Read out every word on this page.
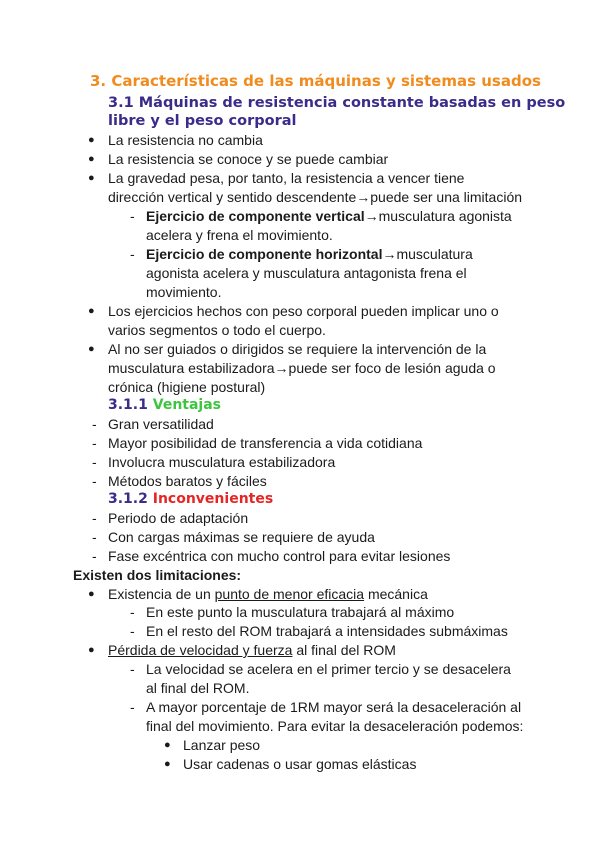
3. Características de las máquinas y sistemas usados
3.1 Máquinas de resistencia constante basadas en peso
libre y el peso corporal
● La resistencia no cambia
● La resistencia se conoce y se puede cambiar
● La gravedad pesa, por tanto, la resistencia a vencer tiene
dirección vertical y sentido descendente→puede ser una limitación
- Ejercicio de componente vertical→musculatura agonista
acelera y frena el movimiento.
- Ejercicio de componente horizontal→musculatura
agonista acelera y musculatura antagonista frena el
movimiento.
● Los ejercicios hechos con peso corporal pueden implicar uno o
varios segmentos o todo el cuerpo.
● Al no ser guiados o dirigidos se requiere la intervención de la
musculatura estabilizadora→puede ser foco de lesión aguda o
crónica (higiene postural)
3.1.1 Ventajas
- Gran versatilidad
- Mayor posibilidad de transferencia a vida cotidiana
- Involucra musculatura estabilizadora
- Métodos baratos y fáciles
3.1.2 Inconvenientes
- Periodo de adaptación
- Con cargas máximas se requiere de ayuda
- Fase excéntrica con mucho control para evitar lesiones
Existen dos limitaciones:
● Existencia de un punto de menor eficacia mecánica
- En este punto la musculatura trabajará al máximo
- En el resto del ROM trabajará a intensidades submáximas
● Pérdida de velocidad y fuerza al final del ROM
- La velocidad se acelera en el primer tercio y se desacelera
al final del ROM.
- A mayor porcentaje de 1RM mayor será la desaceleración al
final del movimiento. Para evitar la desaceleración podemos:
● Lanzar peso
● Usar cadenas o usar gomas elásticas
